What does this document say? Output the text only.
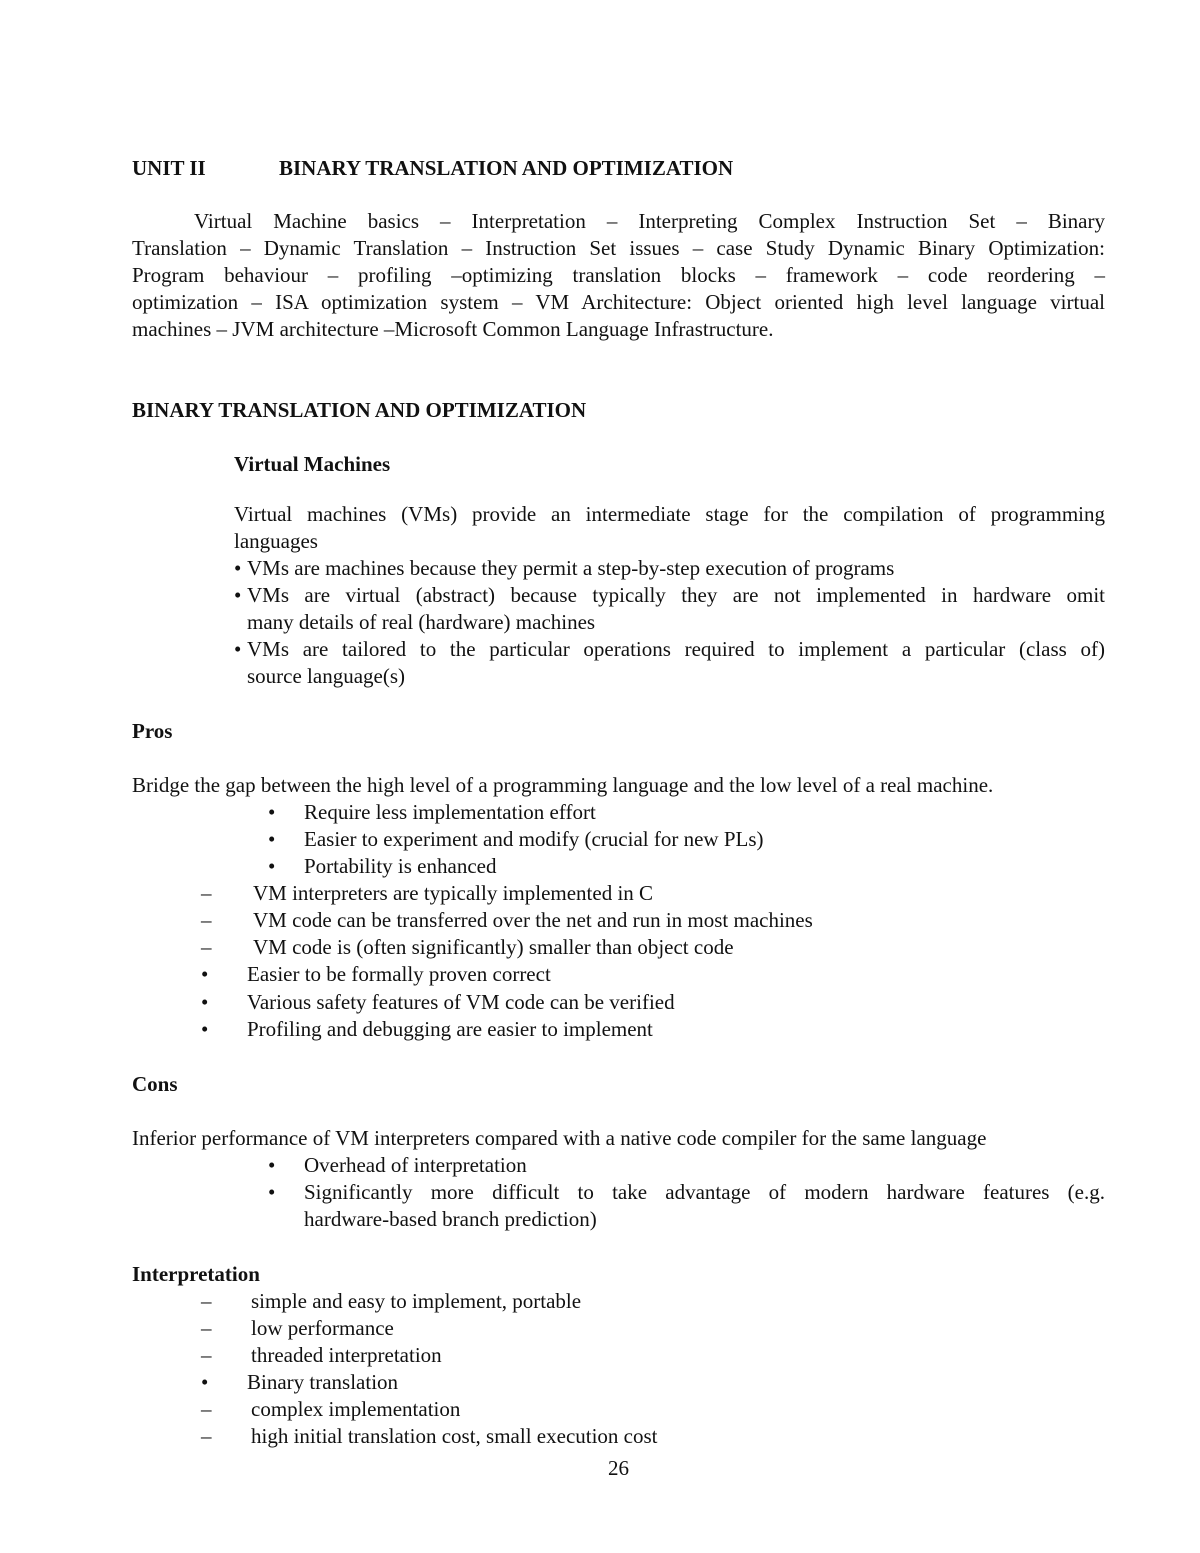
UNIT II	BINARY TRANSLATION AND OPTIMIZATION
Virtual Machine basics – Interpretation – Interpreting Complex Instruction Set – Binary
Translation – Dynamic Translation – Instruction Set issues – case Study Dynamic Binary Optimization:
Program behaviour – profiling –optimizing translation blocks – framework – code reordering –
optimization – ISA optimization system – VM Architecture: Object oriented high level language virtual
machines – JVM architecture –Microsoft Common Language Infrastructure.
BINARY TRANSLATION AND OPTIMIZATION
Virtual Machines
Virtual machines (VMs) provide an intermediate stage for the compilation of programming
languages
• VMs are machines because they permit a step-by-step execution of programs
• VMs are virtual (abstract) because typically they are not implemented in hardware omit
many details of real (hardware) machines
• VMs are tailored to the particular operations required to implement a particular (class of)
source language(s)
Pros
Bridge the gap between the high level of a programming language and the low level of a real machine.
• Require less implementation effort
• Easier to experiment and modify (crucial for new PLs)
• Portability is enhanced
– VM interpreters are typically implemented in C
– VM code can be transferred over the net and run in most machines
– VM code is (often significantly) smaller than object code
• Easier to be formally proven correct
• Various safety features of VM code can be verified
• Profiling and debugging are easier to implement
Cons
Inferior performance of VM interpreters compared with a native code compiler for the same language
• Overhead of interpretation
• Significantly more difficult to take advantage of modern hardware features (e.g.
hardware-based branch prediction)
Interpretation
– simple and easy to implement, portable
– low performance
– threaded interpretation
• Binary translation
– complex implementation
– high initial translation cost, small execution cost
26
